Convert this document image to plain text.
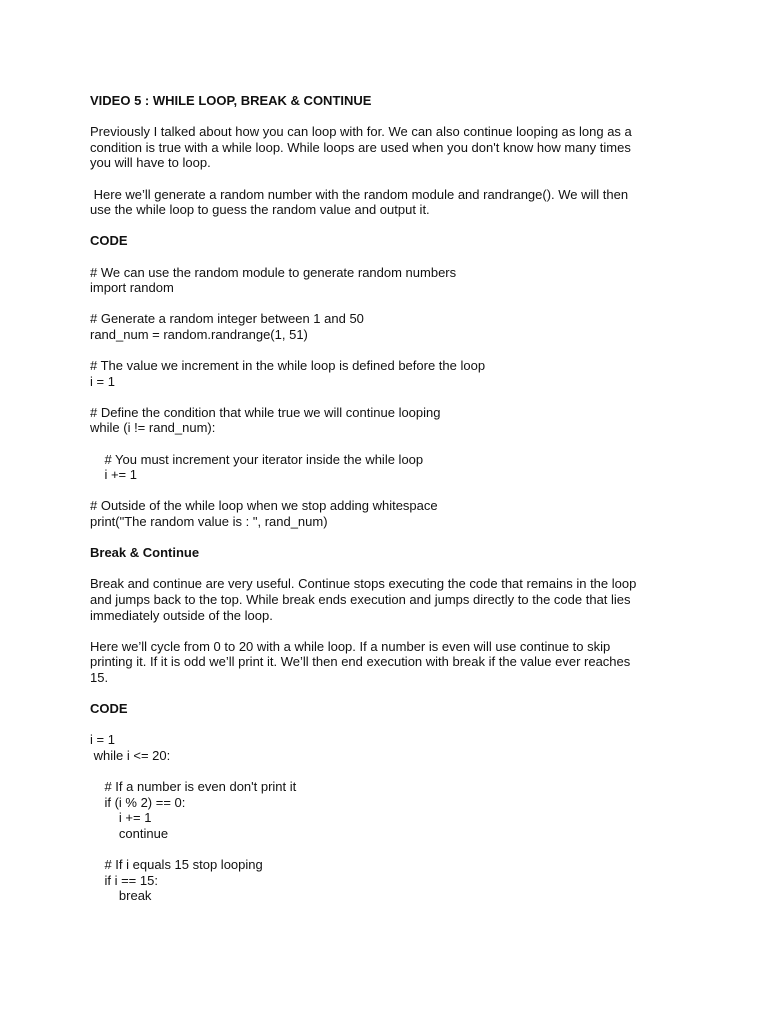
VIDEO 5 : WHILE LOOP, BREAK & CONTINUE

Previously I talked about how you can loop with for. We can also continue looping as long as a

condition is true with a while loop. While loops are used when you don't know how many times

you will have to loop.

Here we’ll generate a random number with the random module and randrange(). We will then

use the while loop to guess the random value and output it.

CODE

# We can use the random module to generate random numbers

import random

# Generate a random integer between 1 and 50

rand_num = random.randrange(1, 51)

# The value we increment in the while loop is defined before the loop

i = 1

# Define the condition that while true we will continue looping

while (i != rand_num):

# You must increment your iterator inside the while loop

i += 1

# Outside of the while loop when we stop adding whitespace

print("The random value is : ", rand_num)

Break & Continue

Break and continue are very useful. Continue stops executing the code that remains in the loop

and jumps back to the top. While break ends execution and jumps directly to the code that lies

immediately outside of the loop.

Here we’ll cycle from 0 to 20 with a while loop. If a number is even will use continue to skip

printing it. If it is odd we’ll print it. We’ll then end execution with break if the value ever reaches

15.

CODE

i = 1

while i <= 20:

# If a number is even don't print it

if (i % 2) == 0:

i += 1

continue

# If i equals 15 stop looping

if i == 15:

break
